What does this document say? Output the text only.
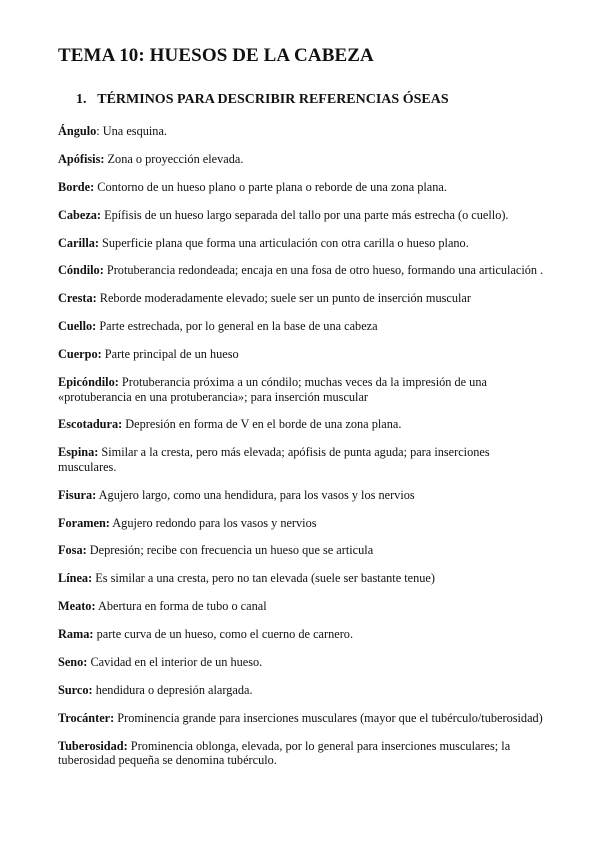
TEMA 10: HUESOS DE LA CABEZA
1. TÉRMINOS PARA DESCRIBIR REFERENCIAS ÓSEAS
Ángulo: Una esquina.
Apófisis: Zona o proyección elevada.
Borde: Contorno de un hueso plano o parte plana o reborde de una zona plana.
Cabeza: Epífisis de un hueso largo separada del tallo por una parte más estrecha (o cuello).
Carilla: Superficie plana que forma una articulación con otra carilla o hueso plano.
Cóndilo: Protuberancia redondeada; encaja en una fosa de otro hueso, formando una articulación .
Cresta: Reborde moderadamente elevado; suele ser un punto de inserción muscular
Cuello: Parte estrechada, por lo general en la base de una cabeza
Cuerpo: Parte principal de un hueso
Epicóndilo: Protuberancia próxima a un cóndilo; muchas veces da la impresión de una «protuberancia en una protuberancia»; para inserción muscular
Escotadura: Depresión en forma de V en el borde de una zona plana.
Espina: Similar a la cresta, pero más elevada; apófisis de punta aguda; para inserciones musculares.
Fisura: Agujero largo, como una hendidura, para los vasos y los nervios
Foramen: Agujero redondo para los vasos y nervios
Fosa: Depresión; recibe con frecuencia un hueso que se articula
Línea: Es similar a una cresta, pero no tan elevada (suele ser bastante tenue)
Meato: Abertura en forma de tubo o canal
Rama: parte curva de un hueso, como el cuerno de carnero.
Seno: Cavidad en el interior de un hueso.
Surco: hendidura o depresión alargada.
Trocánter: Prominencia grande para inserciones musculares (mayor que el tubérculo/tuberosidad)
Tuberosidad: Prominencia oblonga, elevada, por lo general para inserciones musculares; la tuberosidad pequeña se denomina tubérculo.
